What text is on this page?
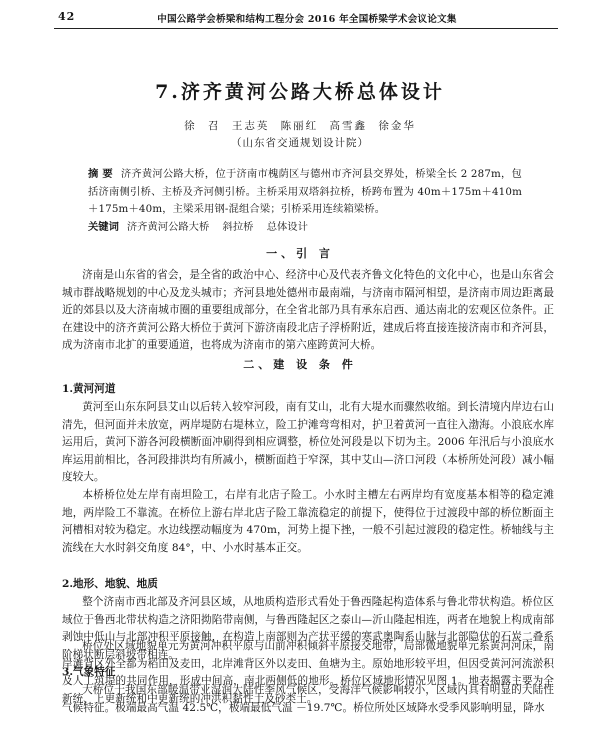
42	中国公路学会桥梁和结构工程分会 2016 年全国桥梁学术会议论文集
7.济齐黄河公路大桥总体设计
徐 召 王志英 陈丽红 高雪鑫 徐金华
（山东省交通规划设计院）
摘 要 济齐黄河公路大桥，位于济南市槐荫区与德州市齐河县交界处，桥梁全长 2 287m，包括济南侧引桥、主桥及齐河侧引桥。主桥采用双塔斜拉桥，桥跨布置为 40m＋175m＋410m＋175m＋40m，主梁采用钢-混组合梁；引桥采用连续箱梁桥。
关键词 济齐黄河公路大桥 斜拉桥 总体设计
一、引 言
济南是山东省的省会，是全省的政治中心、经济中心及代表齐鲁文化特色的文化中心，也是山东省会城市群战略规划的中心及龙头城市；齐河县地处德州市最南端，与济南市隔河相望，是济南市周边距离最近的郊县以及大济南城市圈的重要组成部分，在全省北部乃具有承东启西、通达南北的宏观区位条件。正在建设中的济齐黄河公路大桥位于黄河下游济南段北店子浮桥附近，建成后将直接连接济南市和齐河县，成为济南市北扩的重要通道，也将成为济南市的第六座跨黄河大桥。
二、建 设 条 件
1.黄河河道
黄河至山东东阿县艾山以后转入较窄河段，南有艾山，北有大堤水而骤然收缩。到长清境内岸边右山清先，但河面并未放宽，两岸堤防右堤林立，险工护滩弯弯相对，护卫着黄河一直往入渤海。小浪底水库运用后，黄河下游各河段横断面冲刷得到相应调整，桥位处河段是以下切为主。2006 年汛后与小浪底水库运用前相比，各河段排洪均有所减小，横断面趋于窄深，其中艾山—济口河段（本桥所处河段）减小幅度较大。
本桥桥位处左岸有南坦险工，右岸有北店子险工。小水时主槽左右两岸均有宽度基本相等的稳定滩地，两岸险工不靠流。在桥位上游右岸北店子险工靠流稳定的前提下，使得位于过渡段中部的桥位断面主河槽相对较为稳定。水边线摆动幅度为 470m，河势上提下挫，一般不引起过渡段的稳定性。桥轴线与主流线在大水时斜交角度 84°，中、小水时基本正交。
2.地形、地貌、地质
整个济南市西北部及齐河县区域，从地质构造形式看处于鲁西隆起构造体系与鲁北带状构造。桥位区域位于鲁西北带状构造之济阳拗陷带南侧，与鲁西隆起区之泰山—沂山隆起相连，两者在地貌上构成南部剥蚀中低山与北部冲积平原接触，在构造上南部则为产状平缓的寒武奥陶系山脉与北部隐伏的石炭二叠系阶梯状断层斜坡带相连。
桥位处区域地貌单元为黄河冲积平原与山前冲积倾斜平原接交地带，局部微地貌单元系黄河河床，南岸滩背区外全都为稻田及麦田，北岸滩背区外以麦田、鱼塘为主。原始地形较平坦，但因受黄河河流淤积及人工筑堤的共同作用，形成中间高，南北两侧低的地形。桥位区域地形情况见图 1。地表揭露主要为全新统、上更新统和中更新统的冲洪积黏性土及砂类土。
3.气象特征
大桥位于我国东部暖温带亚湿润大陆性季风气候区，受海洋气候影响较小，区域内具有明显的大陆性气候特征。极端最高气温 42.5℃，极端最低气温 －19.7℃。桥位所处区域降水受季风影响明显，降水
